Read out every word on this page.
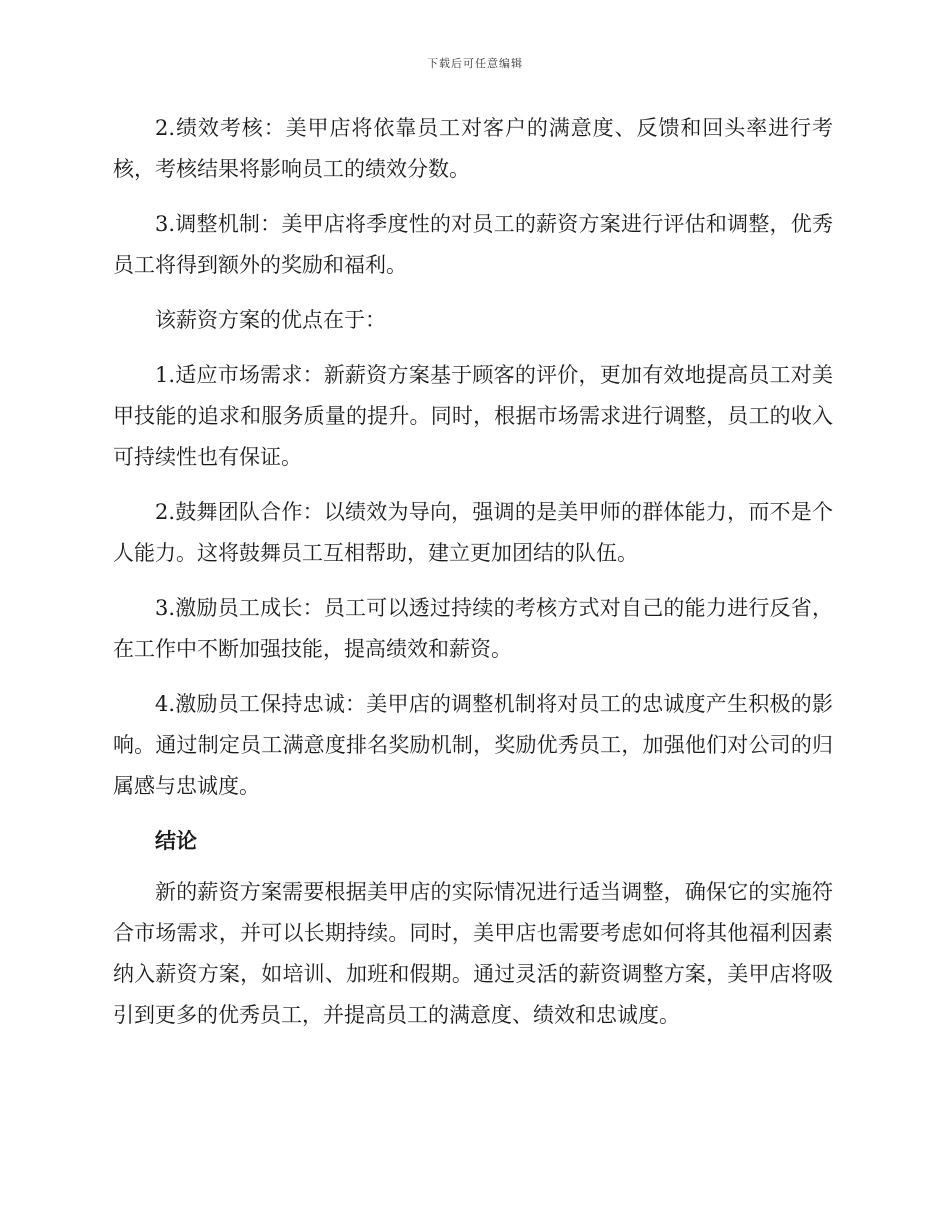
下载后可任意编辑

2.绩效考核：美甲店将依靠员工对客户的满意度、反馈和回头率进行考核，考核结果将影响员工的绩效分数。

3.调整机制：美甲店将季度性的对员工的薪资方案进行评估和调整，优秀员工将得到额外的奖励和福利。

该薪资方案的优点在于：

1.适应市场需求：新薪资方案基于顾客的评价，更加有效地提高员工对美甲技能的追求和服务质量的提升。同时，根据市场需求进行调整，员工的收入可持续性也有保证。

2.鼓舞团队合作：以绩效为导向，强调的是美甲师的群体能力，而不是个人能力。这将鼓舞员工互相帮助，建立更加团结的队伍。

3.激励员工成长：员工可以透过持续的考核方式对自己的能力进行反省，在工作中不断加强技能，提高绩效和薪资。

4.激励员工保持忠诚：美甲店的调整机制将对员工的忠诚度产生积极的影响。通过制定员工满意度排名奖励机制，奖励优秀员工，加强他们对公司的归属感与忠诚度。

结论

新的薪资方案需要根据美甲店的实际情况进行适当调整，确保它的实施符合市场需求，并可以长期持续。同时，美甲店也需要考虑如何将其他福利因素纳入薪资方案，如培训、加班和假期。通过灵活的薪资调整方案，美甲店将吸引到更多的优秀员工，并提高员工的满意度、绩效和忠诚度。
